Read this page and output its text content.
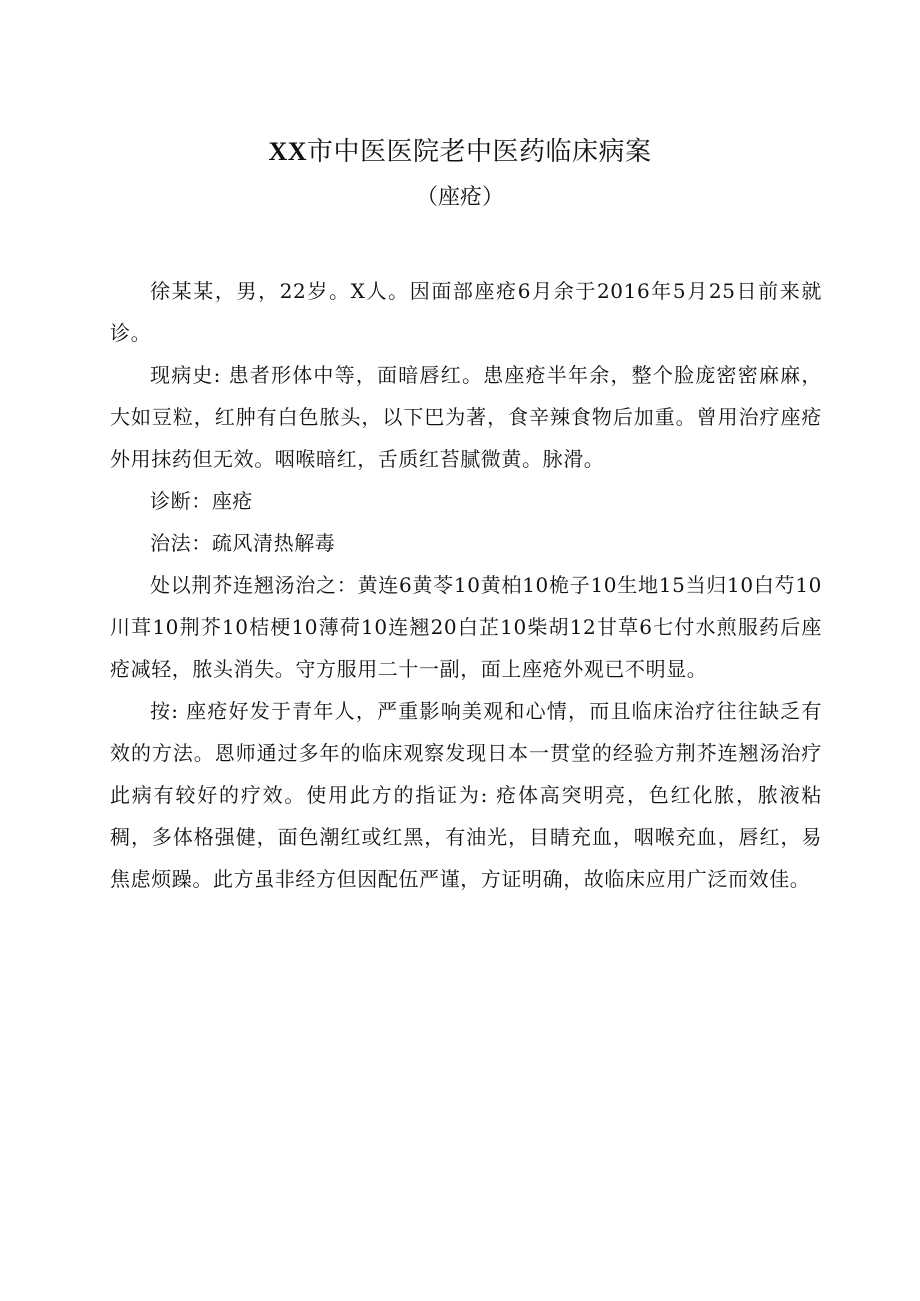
XX市中医医院老中医药临床病案
（座疮）

徐某某，男，22岁。X人。因面部座疮6月余于2016年5月25日前来就诊。

现病史: 患者形体中等，面暗唇红。患座疮半年余，整个脸庞密密麻麻，大如豆粒，红肿有白色脓头，以下巴为著，食辛辣食物后加重。曾用治疗座疮外用抹药但无效。咽喉暗红，舌质红苔腻微黄。脉滑。

诊断：座疮

治法：疏风清热解毒

处以荆芥连翘汤治之：黄连6黄苓10黄柏10桅子10生地15当归10白芍10川茸10荆芥10桔梗10薄荷10连翘20白芷10柴胡12甘草6七付水煎服药后座疮减轻，脓头消失。守方服用二十一副，面上座疮外观已不明显。

按: 座疮好发于青年人，严重影响美观和心情，而且临床治疗往往缺乏有效的方法。恩师通过多年的临床观察发现日本一贯堂的经验方荆芥连翘汤治疗此病有较好的疗效。使用此方的指证为: 疮体高突明亮，色红化脓，脓液粘稠，多体格强健，面色潮红或红黑，有油光，目睛充血，咽喉充血，唇红，易焦虑烦躁。此方虽非经方但因配伍严谨，方证明确，故临床应用广泛而效佳。
